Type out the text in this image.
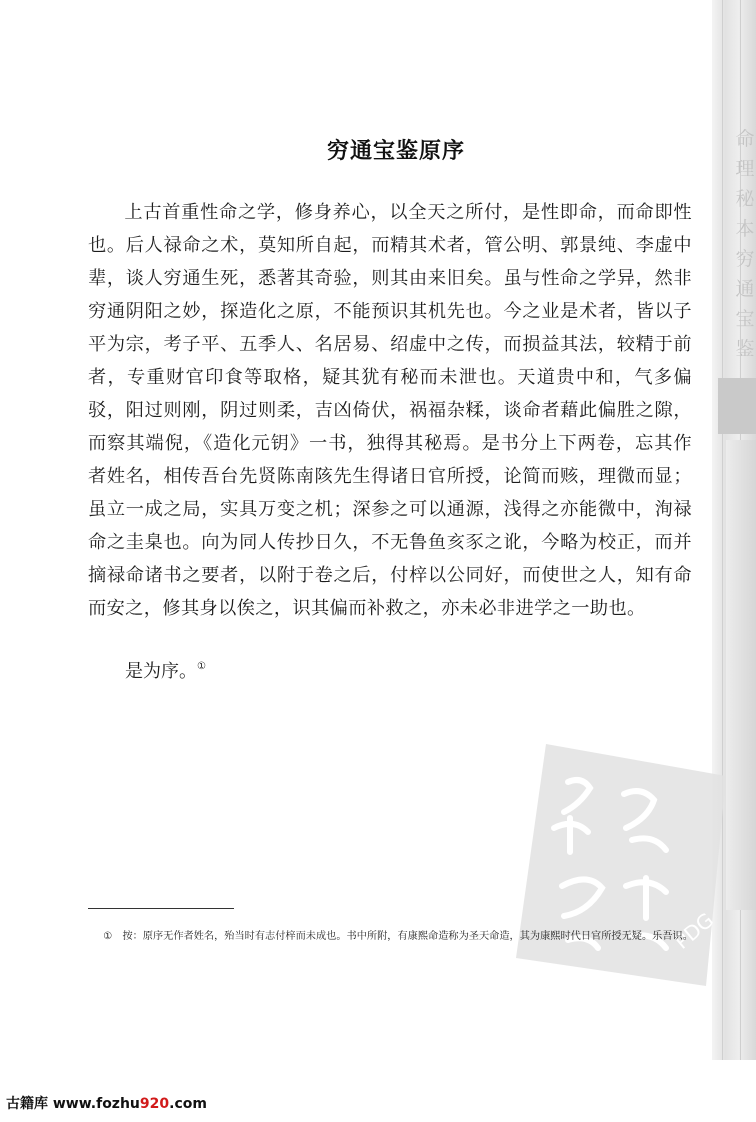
命
理
秘
本
穷
通
宝
鉴
穷通宝鉴原序

上古首重性命之学，修身养心，以全天之所付，是性即命，而命即性也。后人禄命之术，莫知所自起，而精其术者，管公明、郭景纯、李虚中辈，谈人穷通生死，悉著其奇验，则其由来旧矣。虽与性命之学异，然非穷通阴阳之妙，探造化之原，不能预识其机先也。今之业是术者，皆以子平为宗，考子平、五季人、名居易、绍虚中之传，而损益其法，较精于前者，专重财官印食等取格，疑其犹有秘而未泄也。天道贵中和，气多偏驳，阳过则刚，阴过则柔，吉凶倚伏，祸福杂糅，谈命者藉此偏胜之隙，而察其端倪，《造化元钥》一书，独得其秘焉。是书分上下两卷，忘其作者姓名，相传吾台先贤陈南陔先生得诸日官所授，论简而赅，理微而显；虽立一成之局，实具万变之机；深参之可以通源，浅得之亦能微中，洵禄命之圭臬也。向为同人传抄日久，不无鲁鱼亥豕之讹，今略为校正，而并摘禄命诸书之要者，以附于卷之后，付梓以公同好，而使世之人，知有命而安之，修其身以俟之，识其偏而补救之，亦未必非进学之一助也。

是为序。①

PDG

① 按：原序无作者姓名，殆当时有志付梓而未成也。书中所附，有康熙命造称为圣天命造，其为康熙时代日官所授无疑。乐吾识。

古籍库 www.fozhu920.com
